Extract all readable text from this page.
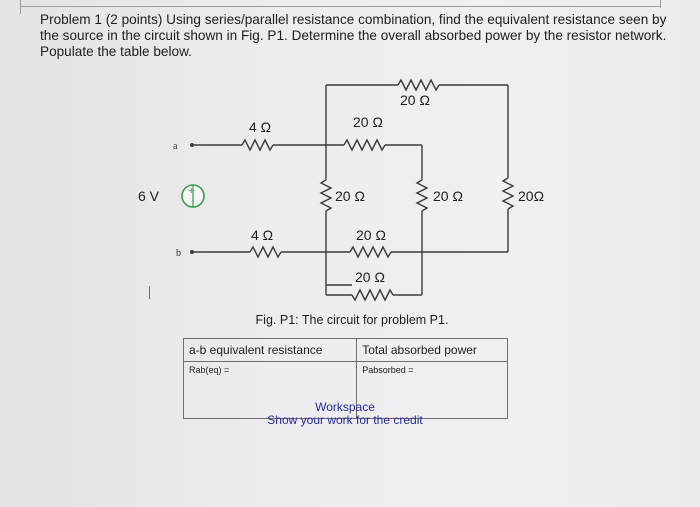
Problem 1 (2 points) Using series/parallel resistance combination, find the equivalent resistance seen by the source in the circuit shown in Fig. P1. Determine the overall absorbed power by the resistor network. Populate the table below.
+
6 V
a
b
4 Ω	20 Ω
20 Ω
20 Ω	20 Ω	20Ω
4 Ω	20 Ω
20 Ω
Fig. P1: The circuit for problem P1.
a-b equivalent resistance	Total absorbed power
Rab(eq) =	Pabsorbed =
Workspace
Show your work for the credit
